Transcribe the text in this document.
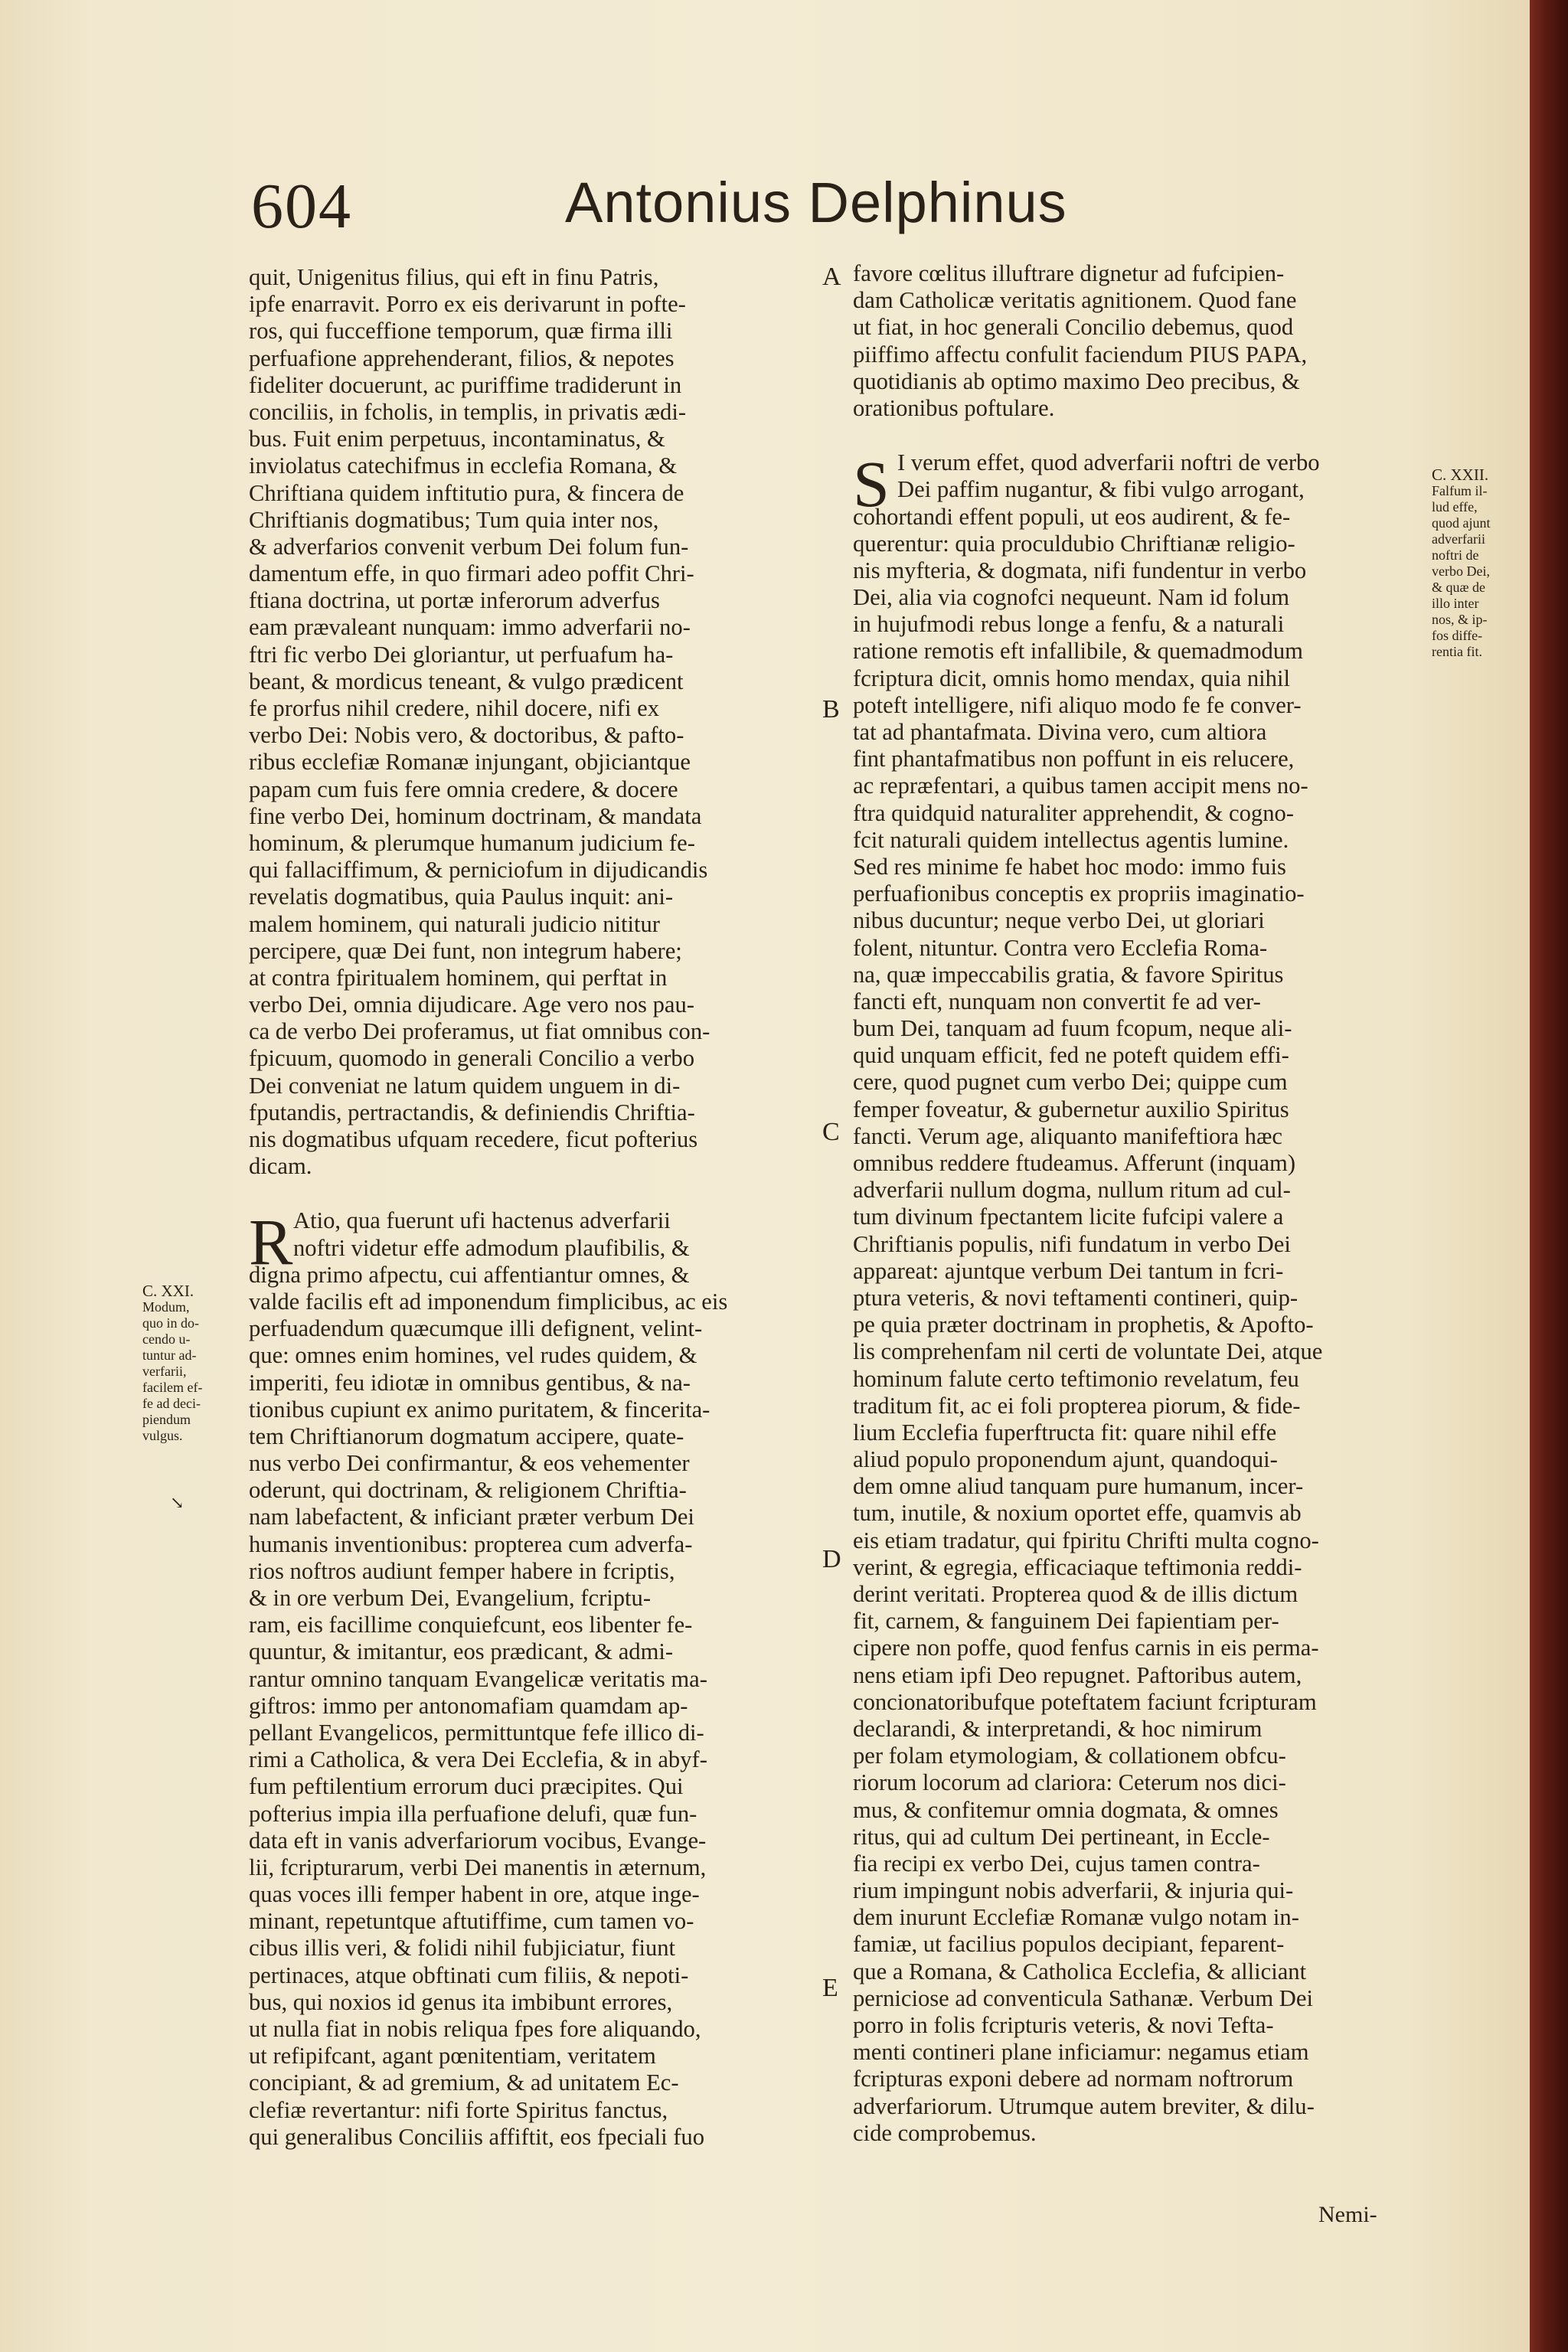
604	Antonius Delphinus
A
B
C
D
E
C. XXI.
Modum,
quo in do-
cendo u-
tuntur ad-
verfarii,
facilem ef-
fe ad deci-
piendum
vulgus.
↘
C. XXII.
Falfum il-
lud effe,
quod ajunt
adverfarii
noftri de
verbo Dei,
& quæ de
illo inter
nos, & ip-
fos diffe-
rentia fit.
quit, Unigenitus filius, qui eft in finu Patris,
ipfe enarravit. Porro ex eis derivarunt in pofte-
ros, qui fucceffione temporum, quæ firma illi
perfuafione apprehenderant, filios, & nepotes
fideliter docuerunt, ac puriffime tradiderunt in
conciliis, in fcholis, in templis, in privatis ædi-
bus. Fuit enim perpetuus, incontaminatus, &
inviolatus catechifmus in ecclefia Romana, &
Chriftiana quidem inftitutio pura, & fincera de
Chriftianis dogmatibus; Tum quia inter nos,
& adverfarios convenit verbum Dei folum fun-
damentum effe, in quo firmari adeo poffit Chri-
ftiana doctrina, ut portæ inferorum adverfus
eam prævaleant nunquam: immo adverfarii no-
ftri fic verbo Dei gloriantur, ut perfuafum ha-
beant, & mordicus teneant, & vulgo prædicent
fe prorfus nihil credere, nihil docere, nifi ex
verbo Dei: Nobis vero, & doctoribus, & pafto-
ribus ecclefiæ Romanæ injungant, objiciantque
papam cum fuis fere omnia credere, & docere
fine verbo Dei, hominum doctrinam, & mandata
hominum, & plerumque humanum judicium fe-
qui fallaciffimum, & perniciofum in dijudicandis
revelatis dogmatibus, quia Paulus inquit: ani-
malem hominem, qui naturali judicio nititur
percipere, quæ Dei funt, non integrum habere;
at contra fpiritualem hominem, qui perftat in
verbo Dei, omnia dijudicare. Age vero nos pau-
ca de verbo Dei proferamus, ut fiat omnibus con-
fpicuum, quomodo in generali Concilio a verbo
Dei conveniat ne latum quidem unguem in di-
fputandis, pertractandis, & definiendis Chriftia-
nis dogmatibus ufquam recedere, ficut pofterius
dicam.
R Atio, qua fuerunt ufi hactenus adverfarii
noftri videtur effe admodum plaufibilis, &
digna primo afpectu, cui affentiantur omnes, &
valde facilis eft ad imponendum fimplicibus, ac eis
perfuadendum quæcumque illi defignent, velint-
que: omnes enim homines, vel rudes quidem, &
imperiti, feu idiotæ in omnibus gentibus, & na-
tionibus cupiunt ex animo puritatem, & fincerita-
tem Chriftianorum dogmatum accipere, quate-
nus verbo Dei confirmantur, & eos vehementer
oderunt, qui doctrinam, & religionem Chriftia-
nam labefactent, & inficiant præter verbum Dei
humanis inventionibus: propterea cum adverfa-
rios noftros audiunt femper habere in fcriptis,
& in ore verbum Dei, Evangelium, fcriptu-
ram, eis facillime conquiefcunt, eos libenter fe-
quuntur, & imitantur, eos prædicant, & admi-
rantur omnino tanquam Evangelicæ veritatis ma-
giftros: immo per antonomafiam quamdam ap-
pellant Evangelicos, permittuntque fefe illico di-
rimi a Catholica, & vera Dei Ecclefia, & in abyf-
fum peftilentium errorum duci præcipites. Qui
pofterius impia illa perfuafione delufi, quæ fun-
data eft in vanis adverfariorum vocibus, Evange-
lii, fcripturarum, verbi Dei manentis in æternum,
quas voces illi femper habent in ore, atque inge-
minant, repetuntque aftutiffime, cum tamen vo-
cibus illis veri, & folidi nihil fubjiciatur, fiunt
pertinaces, atque obftinati cum filiis, & nepoti-
bus, qui noxios id genus ita imbibunt errores,
ut nulla fiat in nobis reliqua fpes fore aliquando,
ut refipifcant, agant pœnitentiam, veritatem
concipiant, & ad gremium, & ad unitatem Ec-
clefiæ revertantur: nifi forte Spiritus fanctus,
qui generalibus Conciliis affiftit, eos fpeciali fuo
favore cœlitus illuftrare dignetur ad fufcipien-
dam Catholicæ veritatis agnitionem. Quod fane
ut fiat, in hoc generali Concilio debemus, quod
piiffimo affectu confulit faciendum PIUS PAPA,
quotidianis ab optimo maximo Deo precibus, &
orationibus poftulare.
S I verum effet, quod adverfarii noftri de verbo
Dei paffim nugantur, & fibi vulgo arrogant,
cohortandi effent populi, ut eos audirent, & fe-
querentur: quia proculdubio Chriftianæ religio-
nis myfteria, & dogmata, nifi fundentur in verbo
Dei, alia via cognofci nequeunt. Nam id folum
in hujufmodi rebus longe a fenfu, & a naturali
ratione remotis eft infallibile, & quemadmodum
fcriptura dicit, omnis homo mendax, quia nihil
poteft intelligere, nifi aliquo modo fe fe conver-
tat ad phantafmata. Divina vero, cum altiora
fint phantafmatibus non poffunt in eis relucere,
ac repræfentari, a quibus tamen accipit mens no-
ftra quidquid naturaliter apprehendit, & cogno-
fcit naturali quidem intellectus agentis lumine.
Sed res minime fe habet hoc modo: immo fuis
perfuafionibus conceptis ex propriis imaginatio-
nibus ducuntur; neque verbo Dei, ut gloriari
folent, nituntur. Contra vero Ecclefia Roma-
na, quæ impeccabilis gratia, & favore Spiritus
fancti eft, nunquam non convertit fe ad ver-
bum Dei, tanquam ad fuum fcopum, neque ali-
quid unquam efficit, fed ne poteft quidem effi-
cere, quod pugnet cum verbo Dei; quippe cum
femper foveatur, & gubernetur auxilio Spiritus
fancti. Verum age, aliquanto manifeftiora hæc
omnibus reddere ftudeamus. Afferunt (inquam)
adverfarii nullum dogma, nullum ritum ad cul-
tum divinum fpectantem licite fufcipi valere a
Chriftianis populis, nifi fundatum in verbo Dei
appareat: ajuntque verbum Dei tantum in fcri-
ptura veteris, & novi teftamenti contineri, quip-
pe quia præter doctrinam in prophetis, & Apofto-
lis comprehenfam nil certi de voluntate Dei, atque
hominum falute certo teftimonio revelatum, feu
traditum fit, ac ei foli propterea piorum, & fide-
lium Ecclefia fuperftructa fit: quare nihil effe
aliud populo proponendum ajunt, quandoqui-
dem omne aliud tanquam pure humanum, incer-
tum, inutile, & noxium oportet effe, quamvis ab
eis etiam tradatur, qui fpiritu Chrifti multa cogno-
verint, & egregia, efficaciaque teftimonia reddi-
derint veritati. Propterea quod & de illis dictum
fit, carnem, & fanguinem Dei fapientiam per-
cipere non poffe, quod fenfus carnis in eis perma-
nens etiam ipfi Deo repugnet. Paftoribus autem,
concionatoribufque poteftatem faciunt fcripturam
declarandi, & interpretandi, & hoc nimirum
per folam etymologiam, & collationem obfcu-
riorum locorum ad clariora: Ceterum nos dici-
mus, & confitemur omnia dogmata, & omnes
ritus, qui ad cultum Dei pertineant, in Eccle-
fia recipi ex verbo Dei, cujus tamen contra-
rium impingunt nobis adverfarii, & injuria qui-
dem inurunt Ecclefiæ Romanæ vulgo notam in-
famiæ, ut facilius populos decipiant, feparent-
que a Romana, & Catholica Ecclefia, & alliciant
perniciose ad conventicula Sathanæ. Verbum Dei
porro in folis fcripturis veteris, & novi Tefta-
menti contineri plane inficiamur: negamus etiam
fcripturas exponi debere ad normam noftrorum
adverfariorum. Utrumque autem breviter, & dilu-
cide comprobemus.
Nemi-
